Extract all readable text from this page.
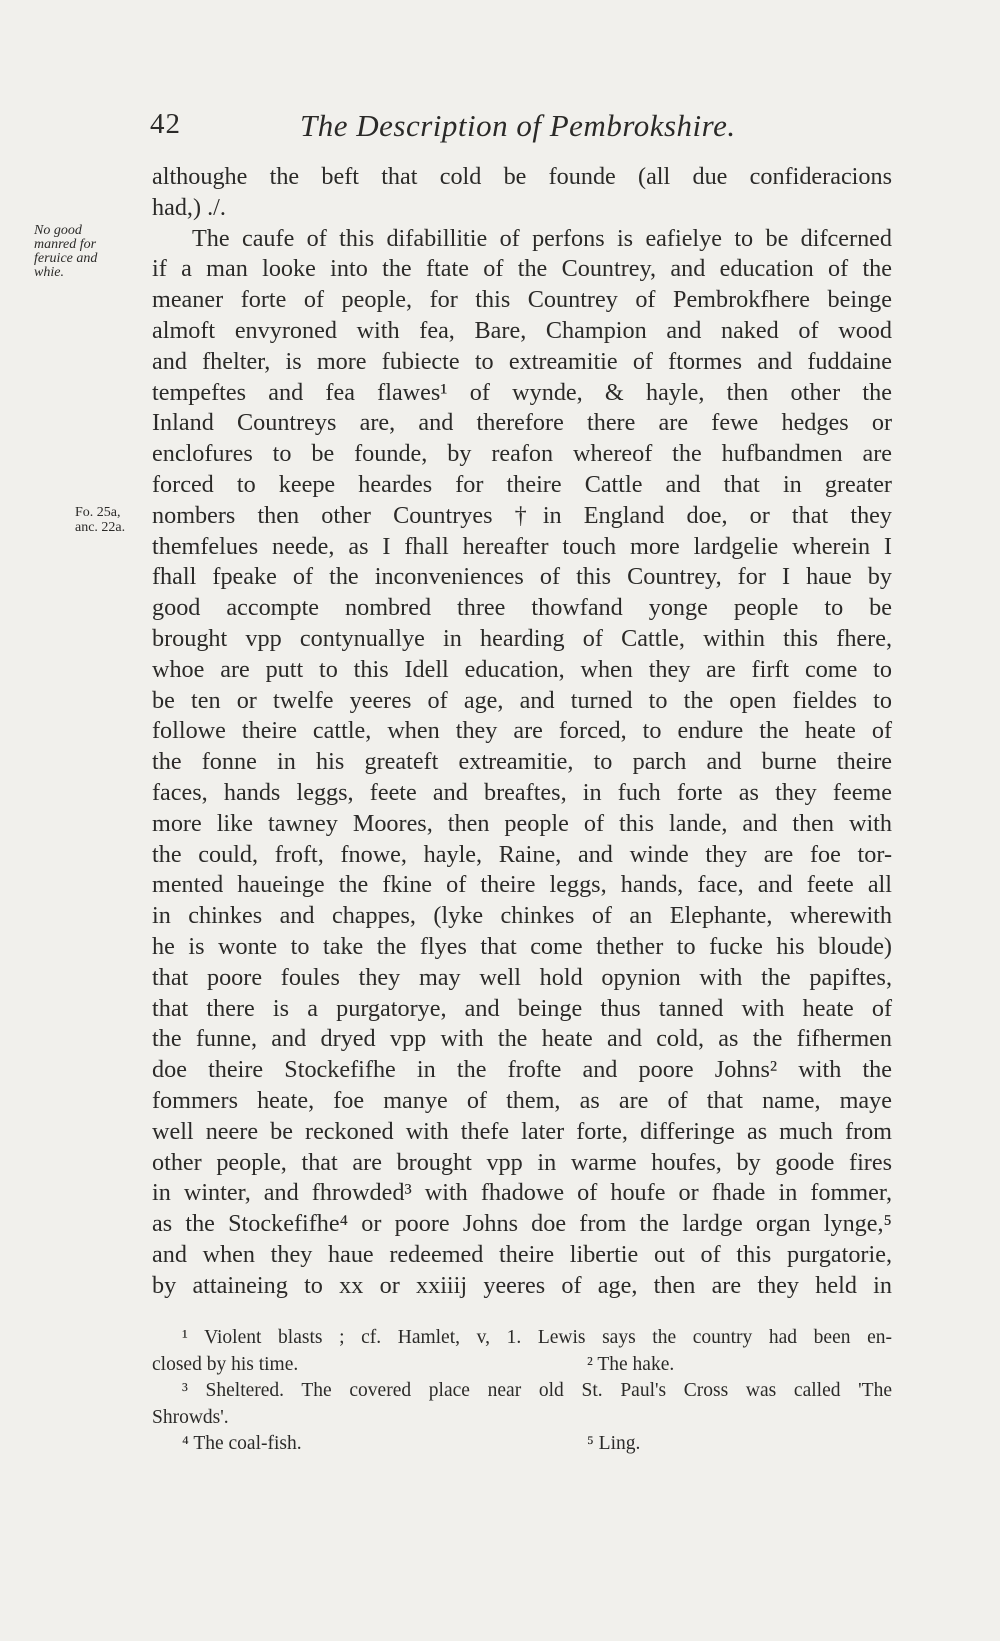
42	The Description of Pembrokshire.
No good
manred for
feruice and
whie.
Fo. 25a,
anc. 22a.
althoughe the beft that cold be founde (all due confideracions
had,) ./.
The caufe of this difabillitie of perfons is eafielye to be difcerned
if a man looke into the ftate of the Countrey, and education of the
meaner forte of people, for this Countrey of Pembrokfhere beinge
almoft envyroned with fea, Bare, Champion and naked of wood
and fhelter, is more fubiecte to extreamitie of ftormes and fuddaine
tempeftes and fea flawes¹ of wynde, & hayle, then other the
Inland Countreys are, and therefore there are fewe hedges or
enclofures to be founde, by reafon whereof the hufbandmen are
forced to keepe heardes for theire Cattle and that in greater
nombers then other Countryes †in England doe, or that they
themfelues neede, as I fhall hereafter touch more lardgelie wherein I
fhall fpeake of the inconveniences of this Countrey, for I haue by
good accompte nombred three thowfand yonge people to be
brought vpp contynuallye in hearding of Cattle, within this fhere,
whoe are putt to this Idell education, when they are firft come to
be ten or twelfe yeeres of age, and turned to the open fieldes to
followe theire cattle, when they are forced, to endure the heate of
the fonne in his greateft extreamitie, to parch and burne theire
faces, hands leggs, feete and breaftes, in fuch forte as they feeme
more like tawney Moores, then people of this lande, and then with
the could, froft, fnowe, hayle, Raine, and winde they are foe tor-
mented haueinge the fkine of theire leggs, hands, face, and feete all
in chinkes and chappes, (lyke chinkes of an Elephante, wherewith
he is wonte to take the flyes that come thether to fucke his bloude)
that poore foules they may well hold opynion with the papiftes,
that there is a purgatorye, and beinge thus tanned with heate of
the funne, and dryed vpp with the heate and cold, as the fifhermen
doe theire Stockefifhe in the frofte and poore Johns² with the
fommers heate, foe manye of them, as are of that name, maye
well neere be reckoned with thefe later forte, differinge as much from
other people, that are brought vpp in warme houfes, by goode fires
in winter, and fhrowded³ with fhadowe of houfe or fhade in fommer,
as the Stockefifhe⁴ or poore Johns doe from the lardge organ lynge,⁵
and when they haue redeemed theire libertie out of this purgatorie,
by attaineing to xx or xxiiij yeeres of age, then are they held in
¹ Violent blasts ; cf. Hamlet, v, 1. Lewis says the country had been en-
closed by his time.	² The hake.
³ Sheltered. The covered place near old St. Paul's Cross was called 'The
Shrowds'.
⁴ The coal-fish.	⁵ Ling.
